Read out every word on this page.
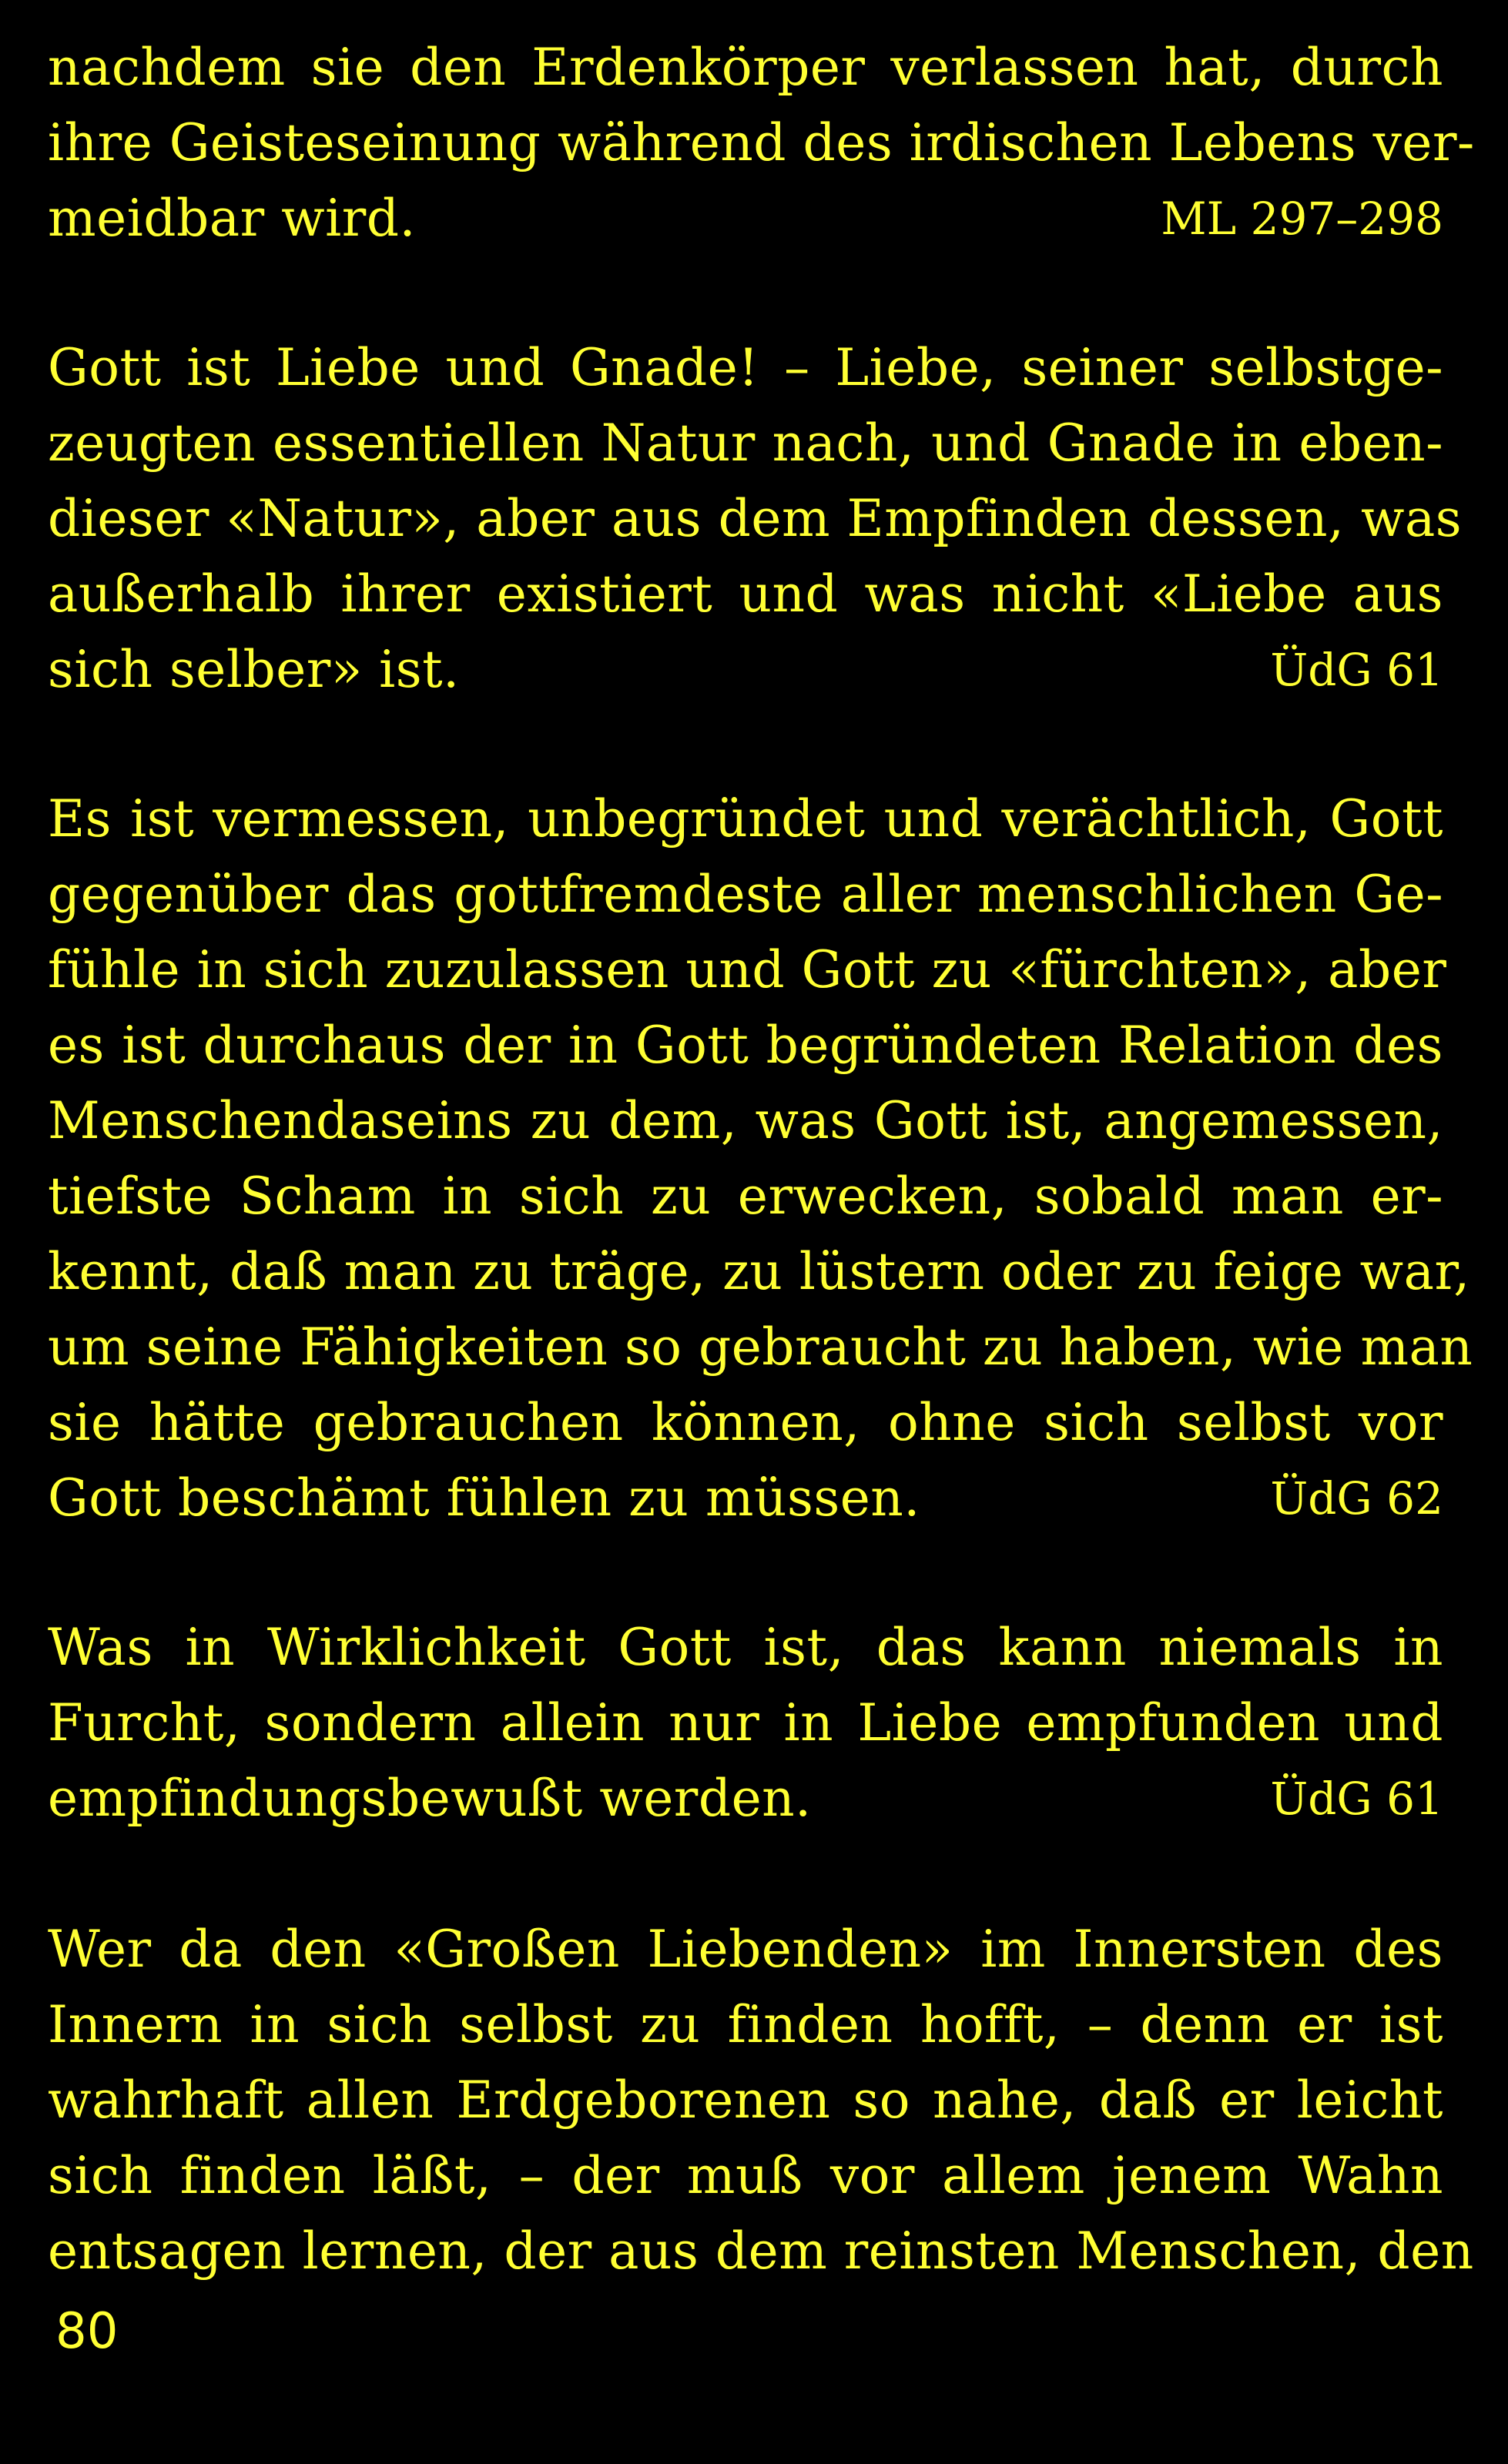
nachdem sie den Erdenkörper verlassen hat, durch
ihre Geisteseinung während des irdischen Lebens ver-
meidbar wird.	ML 297–298
Gott ist Liebe und Gnade! – Liebe, seiner selbstge-
zeugten essentiellen Natur nach, und Gnade in eben-
dieser «Natur», aber aus dem Empfinden dessen, was
außerhalb ihrer existiert und was nicht «Liebe aus
sich selber» ist.	ÜdG 61
Es ist vermessen, unbegründet und verächtlich, Gott
gegenüber das gottfremdeste aller menschlichen Ge-
fühle in sich zuzulassen und Gott zu «fürchten», aber
es ist durchaus der in Gott begründeten Relation des
Menschendaseins zu dem, was Gott ist, angemessen,
tiefste Scham in sich zu erwecken, sobald man er-
kennt, daß man zu träge, zu lüstern oder zu feige war,
um seine Fähigkeiten so gebraucht zu haben, wie man
sie hätte gebrauchen können, ohne sich selbst vor
Gott beschämt fühlen zu müssen.	ÜdG 62
Was in Wirklichkeit Gott ist, das kann niemals in
Furcht, sondern allein nur in Liebe empfunden und
empfindungsbewußt werden.	ÜdG 61
Wer da den «Großen Liebenden» im Innersten des
Innern in sich selbst zu finden hofft, – denn er ist
wahrhaft allen Erdgeborenen so nahe, daß er leicht
sich finden läßt, – der muß vor allem jenem Wahn
entsagen lernen, der aus dem reinsten Menschen, den
80
